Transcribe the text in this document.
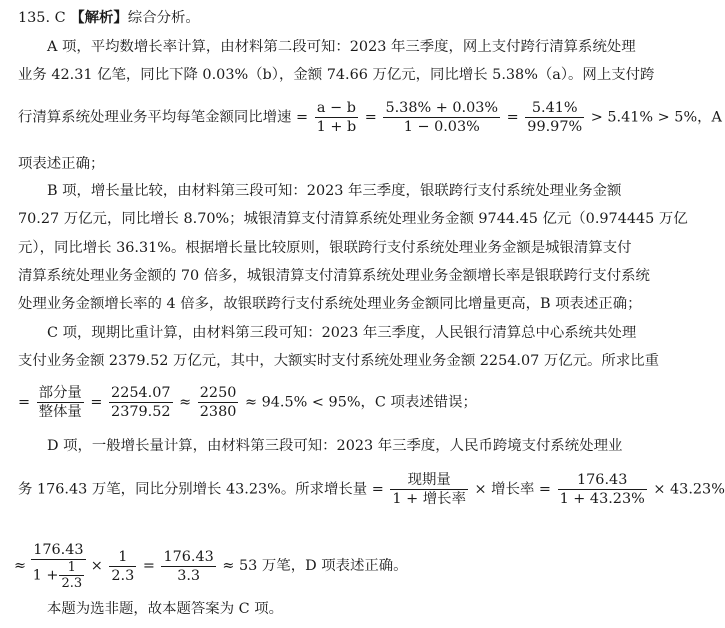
135. C 【解析】综合分析。
A 项，平均数增长率计算，由材料第二段可知：2023 年三季度，网上支付跨行清算系统处理
业务 42.31 亿笔，同比下降 0.03%（b），金额 74.66 万亿元，同比增长 5.38%（a）。网上支付跨
行清算系统处理业务平均每笔金额同比增速 = $\frac{a - b}{1 + b} = \frac{5.38\% + 0.03\%}{1 - 0.03\%} = \frac{5.41\%}{99.97\%} > 5.41\% > 5\%$，A
项表述正确；
B 项，增长量比较，由材料第三段可知：2023 年三季度，银联跨行支付系统处理业务金额
70.27 万亿元，同比增长 8.70%；城银清算支付清算系统处理业务金额 9744.45 亿元（0.974445 万亿
元），同比增长 36.31%。根据增长量比较原则，银联跨行支付系统处理业务金额是城银清算支付
清算系统处理业务金额的 70 倍多，城银清算支付清算系统处理业务金额增长率是银联跨行支付系统
处理业务金额增长率的 4 倍多，故银联跨行支付系统处理业务金额同比增量更高，B 项表述正确；
C 项，现期比重计算，由材料第三段可知：2023 年三季度，人民银行清算总中心系统共处理
支付业务金额 2379.52 万亿元，其中，大额实时支付系统处理业务金额 2254.07 万亿元。所求比重
= $\frac{\text{部分量}}{\text{整体量}} = \frac{2254.07}{2379.52} \approx \frac{2250}{2380} \approx 94.5\% < 95\%$，C 项表述错误；
D 项，一般增长量计算，由材料第三段可知：2023 年三季度，人民币跨境支付系统处理业
务 176.43 万笔，同比分别增长 43.23%。所求增长量 = $\frac{\text{现期量}}{\text{1 + 增长率}}$ × 增长率 = $\frac{176.43}{1 + 43.23\%} \times 43.23\%$
≈ $\frac{176.43}{1 + \frac{1}{2.3}} \times \frac{1}{2.3} = \frac{176.43}{3.3} \approx 53$ 万笔，D 项表述正确。
本题为选非题，故本题答案为 C 项。
